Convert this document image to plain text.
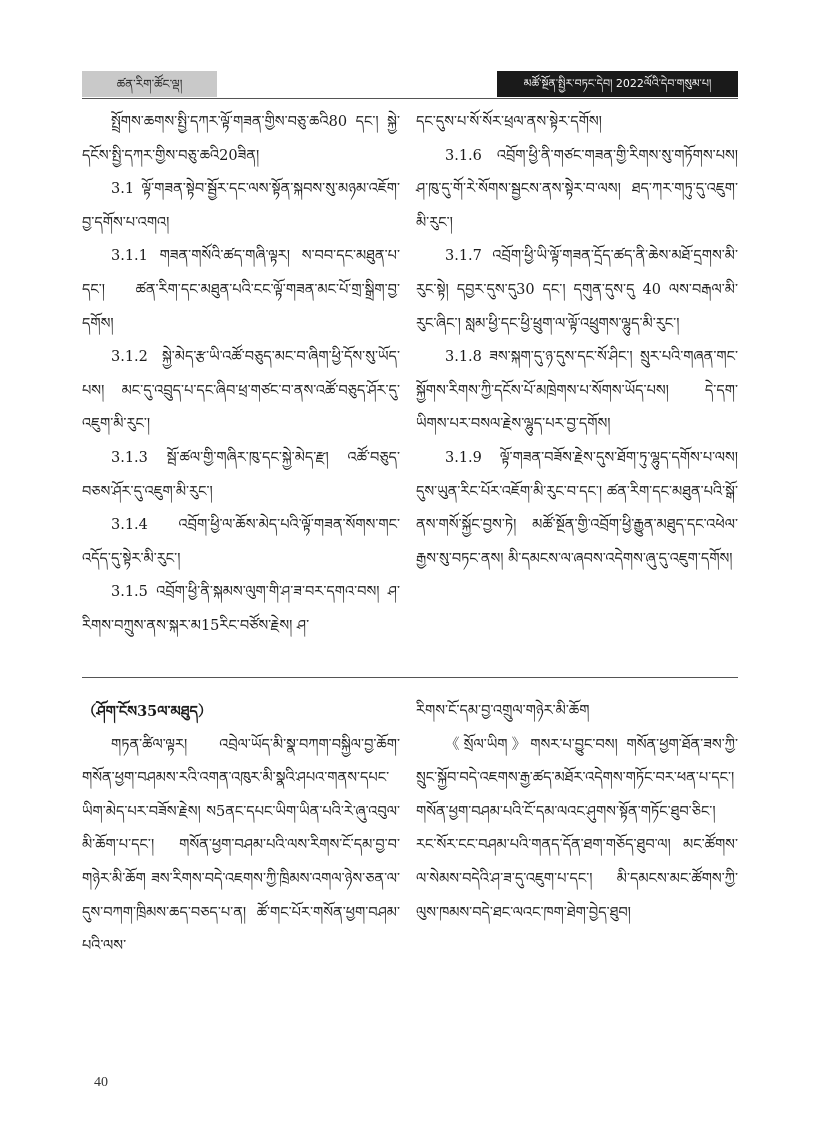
ཚན་རིག་ཚོང་ལྡ།	མཚོ་སྔོན་སྤྱིར་བཏང་དེབ། 2022ལོའི་དེབ་གསུམ་པ།

སྤྲོགས་ཆགས་སྤྱི་དཀར་ལྟོ་གཟན་གྱིས་བཅུ་ཆའི80 དང་། སྐྱེ་དངོས་སྤྱི་དཀར་གྱིས་བཅུ་ཆའི20ཟིན།

3.1 ལྟོ་གཟན་སྟེབ་སྦྱོར་དང་ལས་སྟོན་སྐབས་སུ་མཉམ་འཇོག་བྱ་དགོས་པ་འགའ།

3.1.1 གཟན་གསོའི་ཚད་གཞི་ལྟར། ས་བབ་དང་མཐུན་པ་དང་། ཚན་རིག་དང་མཐུན་པའི་ངང་ལྟོ་གཟན་མང་པོ་གྲ་སྒྲིག་བྱ་དགོས།

3.1.2 སྐྱེ་མེད་རྩ་ཡི་འཚོ་བཅུད་མང་བ་ཞིག་ཕྱི་དོས་སུ་ཡོད་པས། མང་དུ་འབྲུད་པ་དང་ཞིབ་ཕྲ་གཙང་བ་ནས་འཚོ་བཅུད་ཤོར་དུ་འཇུག་མི་རུང་།

3.1.3 སྦོ་ཚལ་གྱི་གཞིར་ཁུ་དང་སྐྱེ་མེད་རྫ། འཚོ་བཅུད་བཅས་ཤོར་དུ་འཇུག་མི་རུང་།

3.1.4 འབྲོག་ཕྱི་ལ་ཆོས་མེད་པའི་ལྟོ་གཟན་སོགས་གང་འདོད་དུ་སྟེར་མི་རུང་།

3.1.5 འབྲོག་ཕྱི་ནི་སྐམས་ལུག་གི་ཤ་ཟ་བར་དགའ་བས། ཤ་རིགས་བཀྲུས་ནས་སྐར་མ15རིང་བཙོས་རྗེས། ཤ་

དང་དུས་པ་སོ་སོར་ཕྲལ་ནས་སྟེར་དགོས།

3.1.6 འབྲོག་ཕྱི་ནི་གཙང་གཟན་གྱི་རིགས་སུ་གཏོགས་པས། ཤ་ཁུ་དུ་གོ་རེ་སོགས་སྦྱངས་ནས་སྟེར་བ་ལས། ཐད་ཀར་གཏུ་དུ་འཇུག་མི་རུང་།

3.1.7 འབྲོག་ཕྱི་ཡི་ལྟོ་གཟན་དྲོད་ཚད་ནི་ཆེས་མཐོ་དྲགས་མི་རུང་སྟེ། དབྱར་དུས་དུ30 དང་། དགུན་དུས་དུ 40 ལས་བརྒལ་མི་རུང་ཞིང་། སླམ་ཕྱི་དང་ཕྱི་ཕྲུག་ལ་ལྟོ་འཕྲུགས་ལྷུད་མི་རུང་།

3.1.8 ཟས་སྐག་དུ་ཉ་དུས་དང་སོ་ཤིང་། སྲུར་པའི་གཞན་གང་སྐྱོགས་རིགས་ཀྱི་དངོས་པོ་མཁྲེགས་པ་སོགས་ཡོད་པས། དེ་དག་ཡིགས་པར་བསལ་རྗེས་ལྷུད་པར་བྱ་དགོས།

3.1.9 ལྟོ་གཟན་བཟོས་རྗེས་དུས་ཐོག་ཏུ་ལྷུད་དགོས་པ་ལས། དུས་ཡུན་རིང་པོར་འཇོག་མི་རུང་བ་དང་། ཚན་རིག་དང་མཐུན་པའི་སྒོ་ནས་གསོ་སྐྱོང་བྱས་ཏེ། མཚོ་སྔོན་གྱི་འབྲོག་ཕྱི་རྒྱུན་མཐུད་དང་འཕེལ་རྒྱས་སུ་བཏང་ནས། མི་དམངས་ལ་ཞབས་འདེགས་ཞུ་དུ་འཇུག་དགོས།

（ཤོག་ངོས35ལ་མཐུད）

གཏན་ཚིལ་ལྟར། འབྲེལ་ཡོད་མི་སྣ་བཀག་བསྐྱིལ་བྱ་ཆོག་གསོན་ཕྱག་བཤམས་རའི་འགན་འཁུར་མི་སྣའི་ཤཔའ་གནས་དཔང་ཡིག་མེད་པར་བཟོས་རྗེས། ས5ནང་དཔང་ཡིག་ཡིན་པའི་རེ་ཞུ་འབུལ་མི་ཆོག་པ་དང་། གསོན་ཕྱག་བཤམ་པའི་ལས་རིགས་ངོ་དམ་བྱ་བ་གཉེར་མི་ཆོག ཟས་རིགས་བདེ་འཇགས་ཀྱི་ཁྲིམས་འགལ་ཉེས་ཅན་ལ་དུས་བཀག་ཁྲིམས་ཆད་བཅད་པ་ན། ཚོ་གང་པོར་གསོན་ཕྱག་བཤམ་པའི་ལས་

རིགས་ངོ་དམ་བྱ་འགྲུལ་གཉེར་མི་ཆོག

《སྲོལ་ཡིག》གསར་པ་བྱུང་བས། གསོན་ཕྱག་ཐོན་ཟས་ཀྱི་སྲུང་སྐྱོབ་བདེ་འཇགས་རྒྱ་ཚད་མཐོར་འདེགས་གཏོང་བར་ཕན་པ་དང་། གསོན་ཕྱག་བཤམ་པའི་ངོ་དམ་ལའང་ཤུགས་སྟོན་གཏོང་ཐུབ་ཅིང་། རང་སོར་ངང་བཤམ་པའི་གནད་དོན་ཐག་གཅོད་ཐུབ་ལ། མང་ཚོགས་ལ་སེམས་བདེའི་ཤ་ཟ་དུ་འཇུག་པ་དང་། མི་དམངས་མང་ཚོགས་ཀྱི་ལུས་ཁམས་བདེ་ཐང་ལའང་ཁག་ཐེག་བྱེད་ཐུབ།

40
